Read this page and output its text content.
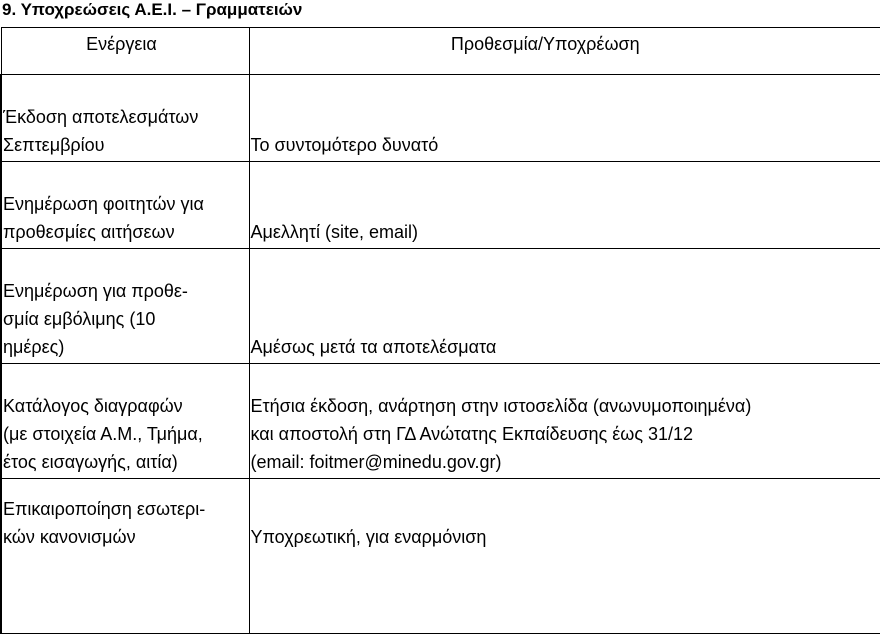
9. Υποχρεώσεις Α.Ε.Ι. – Γραμματειών
Ενέργεια	Προθεσμία/Υποχρέωση

Έκδοση αποτελεσμάτων
Σεπτεμβρίου	Το συντομότερο δυνατό

Ενημέρωση φοιτητών για
προθεσμίες αιτήσεων	Αμελλητί (site, email)

Ενημέρωση για προθε-
σμία εμβόλιμης (10
ημέρες)	Αμέσως μετά τα αποτελέσματα

Κατάλογος διαγραφών
(με στοιχεία Α.Μ., Τμήμα,
έτος εισαγωγής, αιτία)	Ετήσια έκδοση, ανάρτηση στην ιστοσελίδα (ανωνυμοποιημένα)
και αποστολή στη ΓΔ Ανώτατης Εκπαίδευσης έως 31/12
(email: foitmer@minedu.gov.gr)

Επικαιροποίηση εσωτερι-
κών κανονισμών	Υποχρεωτική, για εναρμόνιση
